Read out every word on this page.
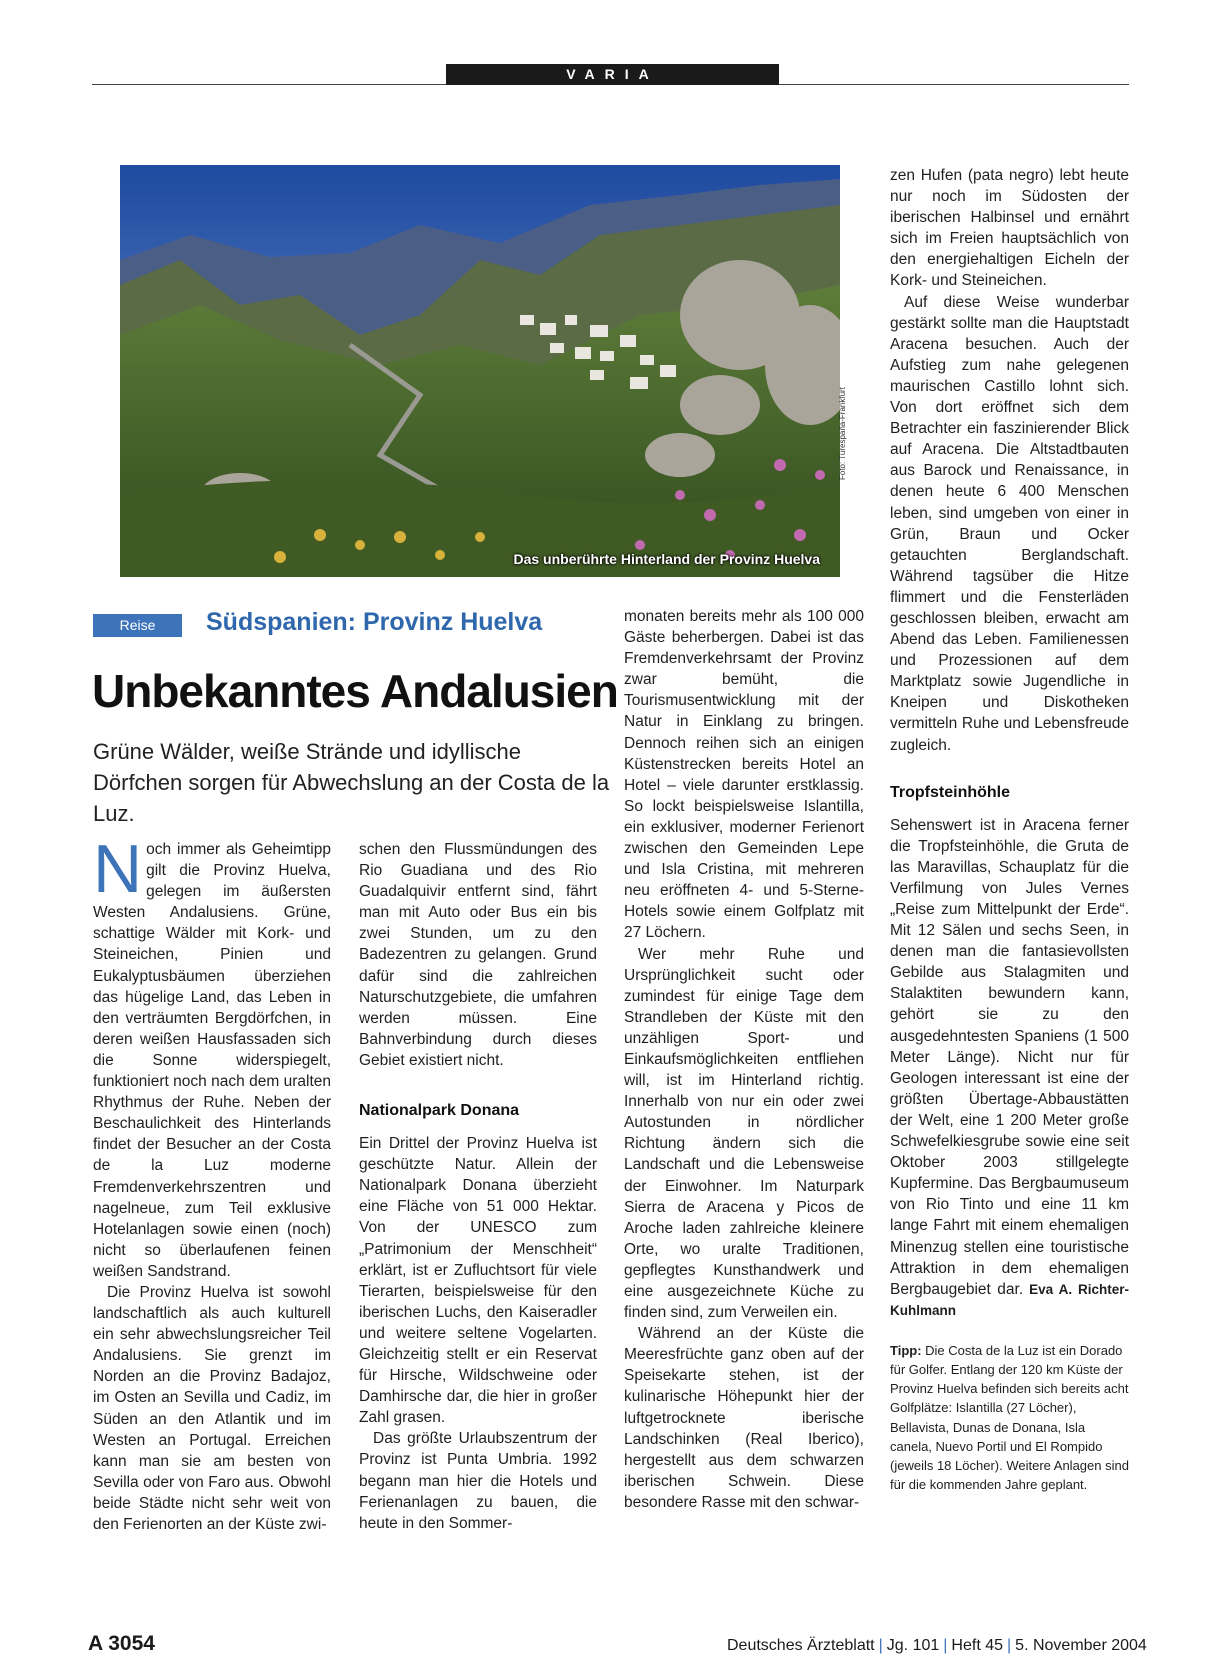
VARIA
Das unberührte Hinterland der Provinz Huelva
Foto: Turespaña-Frankfurt
Reise	Südspanien: Provinz Huelva
Unbekanntes Andalusien
Grüne Wälder, weiße Strände und idyllische Dörfchen sorgen für Abwechslung an der Costa de la Luz.

Noch immer als Geheimtipp gilt die Provinz Huelva, gelegen im äußersten Westen Andalusiens. Grüne, schattige Wälder mit Kork- und Steineichen, Pinien und Eukalyptusbäumen überziehen das hügelige Land, das Leben in den verträumten Bergdörfchen, in deren weißen Hausfassaden sich die Sonne widerspiegelt, funktioniert noch nach dem uralten Rhythmus der Ruhe. Neben der Beschaulichkeit des Hinterlands findet der Besucher an der Costa de la Luz moderne Fremdenverkehrszentren und nagelneue, zum Teil exklusive Hotelanlagen sowie einen (noch) nicht so überlaufenen feinen weißen Sandstrand.

Die Provinz Huelva ist sowohl landschaftlich als auch kulturell ein sehr abwechslungsreicher Teil Andalusiens. Sie grenzt im Norden an die Provinz Badajoz, im Osten an Sevilla und Cadiz, im Süden an den Atlantik und im Westen an Portugal. Erreichen kann man sie am besten von Sevilla oder von Faro aus. Obwohl beide Städte nicht sehr weit von den Ferienorten an der Küste zwi-

schen den Flussmündungen des Rio Guadiana und des Rio Guadalquivir entfernt sind, fährt man mit Auto oder Bus ein bis zwei Stunden, um zu den Badezentren zu gelangen. Grund dafür sind die zahlreichen Naturschutzgebiete, die umfahren werden müssen. Eine Bahnverbindung durch dieses Gebiet existiert nicht.

Nationalpark Donana

Ein Drittel der Provinz Huelva ist geschützte Natur. Allein der Nationalpark Donana überzieht eine Fläche von 51 000 Hektar. Von der UNESCO zum „Patrimonium der Menschheit“ erklärt, ist er Zufluchtsort für viele Tierarten, beispielsweise für den iberischen Luchs, den Kaiseradler und weitere seltene Vogelarten. Gleichzeitig stellt er ein Reservat für Hirsche, Wildschweine oder Damhirsche dar, die hier in großer Zahl grasen.

Das größte Urlaubszentrum der Provinz ist Punta Umbria. 1992 begann man hier die Hotels und Ferienanlagen zu bauen, die heute in den Sommer-

monaten bereits mehr als 100 000 Gäste beherbergen. Dabei ist das Fremdenverkehrsamt der Provinz zwar bemüht, die Tourismusentwicklung mit der Natur in Einklang zu bringen. Dennoch reihen sich an einigen Küstenstrecken bereits Hotel an Hotel – viele darunter erstklassig. So lockt beispielsweise Islantilla, ein exklusiver, moderner Ferienort zwischen den Gemeinden Lepe und Isla Cristina, mit mehreren neu eröffneten 4- und 5-Sterne-Hotels sowie einem Golfplatz mit 27 Löchern.

Wer mehr Ruhe und Ursprünglichkeit sucht oder zumindest für einige Tage dem Strandleben der Küste mit den unzähligen Sport- und Einkaufsmöglichkeiten entfliehen will, ist im Hinterland richtig. Innerhalb von nur ein oder zwei Autostunden in nördlicher Richtung ändern sich die Landschaft und die Lebensweise der Einwohner. Im Naturpark Sierra de Aracena y Picos de Aroche laden zahlreiche kleinere Orte, wo uralte Traditionen, gepflegtes Kunsthandwerk und eine ausgezeichnete Küche zu finden sind, zum Verweilen ein.

Während an der Küste die Meeresfrüchte ganz oben auf der Speisekarte stehen, ist der kulinarische Höhepunkt hier der luftgetrocknete iberische Landschinken (Real Iberico), hergestellt aus dem schwarzen iberischen Schwein. Diese besondere Rasse mit den schwar-

zen Hufen (pata negro) lebt heute nur noch im Südosten der iberischen Halbinsel und ernährt sich im Freien hauptsächlich von den energiehaltigen Eicheln der Kork- und Steineichen.

Auf diese Weise wunderbar gestärkt sollte man die Hauptstadt Aracena besuchen. Auch der Aufstieg zum nahe gelegenen maurischen Castillo lohnt sich. Von dort eröffnet sich dem Betrachter ein faszinierender Blick auf Aracena. Die Altstadtbauten aus Barock und Renaissance, in denen heute 6 400 Menschen leben, sind umgeben von einer in Grün, Braun und Ocker getauchten Berglandschaft. Während tagsüber die Hitze flimmert und die Fensterläden geschlossen bleiben, erwacht am Abend das Leben. Familienessen und Prozessionen auf dem Marktplatz sowie Jugendliche in Kneipen und Diskotheken vermitteln Ruhe und Lebensfreude zugleich.

Tropfsteinhöhle

Sehenswert ist in Aracena ferner die Tropfsteinhöhle, die Gruta de las Maravillas, Schauplatz für die Verfilmung von Jules Vernes „Reise zum Mittelpunkt der Erde“. Mit 12 Sälen und sechs Seen, in denen man die fantasievollsten Gebilde aus Stalagmiten und Stalaktiten bewundern kann, gehört sie zu den ausgedehntesten Spaniens (1 500 Meter Länge). Nicht nur für Geologen interessant ist eine der größten Übertage-Abbaustätten der Welt, eine 1 200 Meter große Schwefelkiesgrube sowie eine seit Oktober 2003 stillgelegte Kupfermine. Das Bergbaumuseum von Rio Tinto und eine 11 km lange Fahrt mit einem ehemaligen Minenzug stellen eine touristische Attraktion in dem ehemaligen Bergbaugebiet dar. Eva A. Richter-Kuhlmann

Tipp: Die Costa de la Luz ist ein Dorado für Golfer. Entlang der 120 km Küste der Provinz Huelva befinden sich bereits acht Golfplätze: Islantilla (27 Löcher), Bellavista, Dunas de Donana, Isla canela, Nuevo Portil und El Rompido (jeweils 18 Löcher). Weitere Anlagen sind für die kommenden Jahre geplant.

A 3054	Deutsches Ärzteblatt | Jg. 101 | Heft 45 | 5. November 2004
